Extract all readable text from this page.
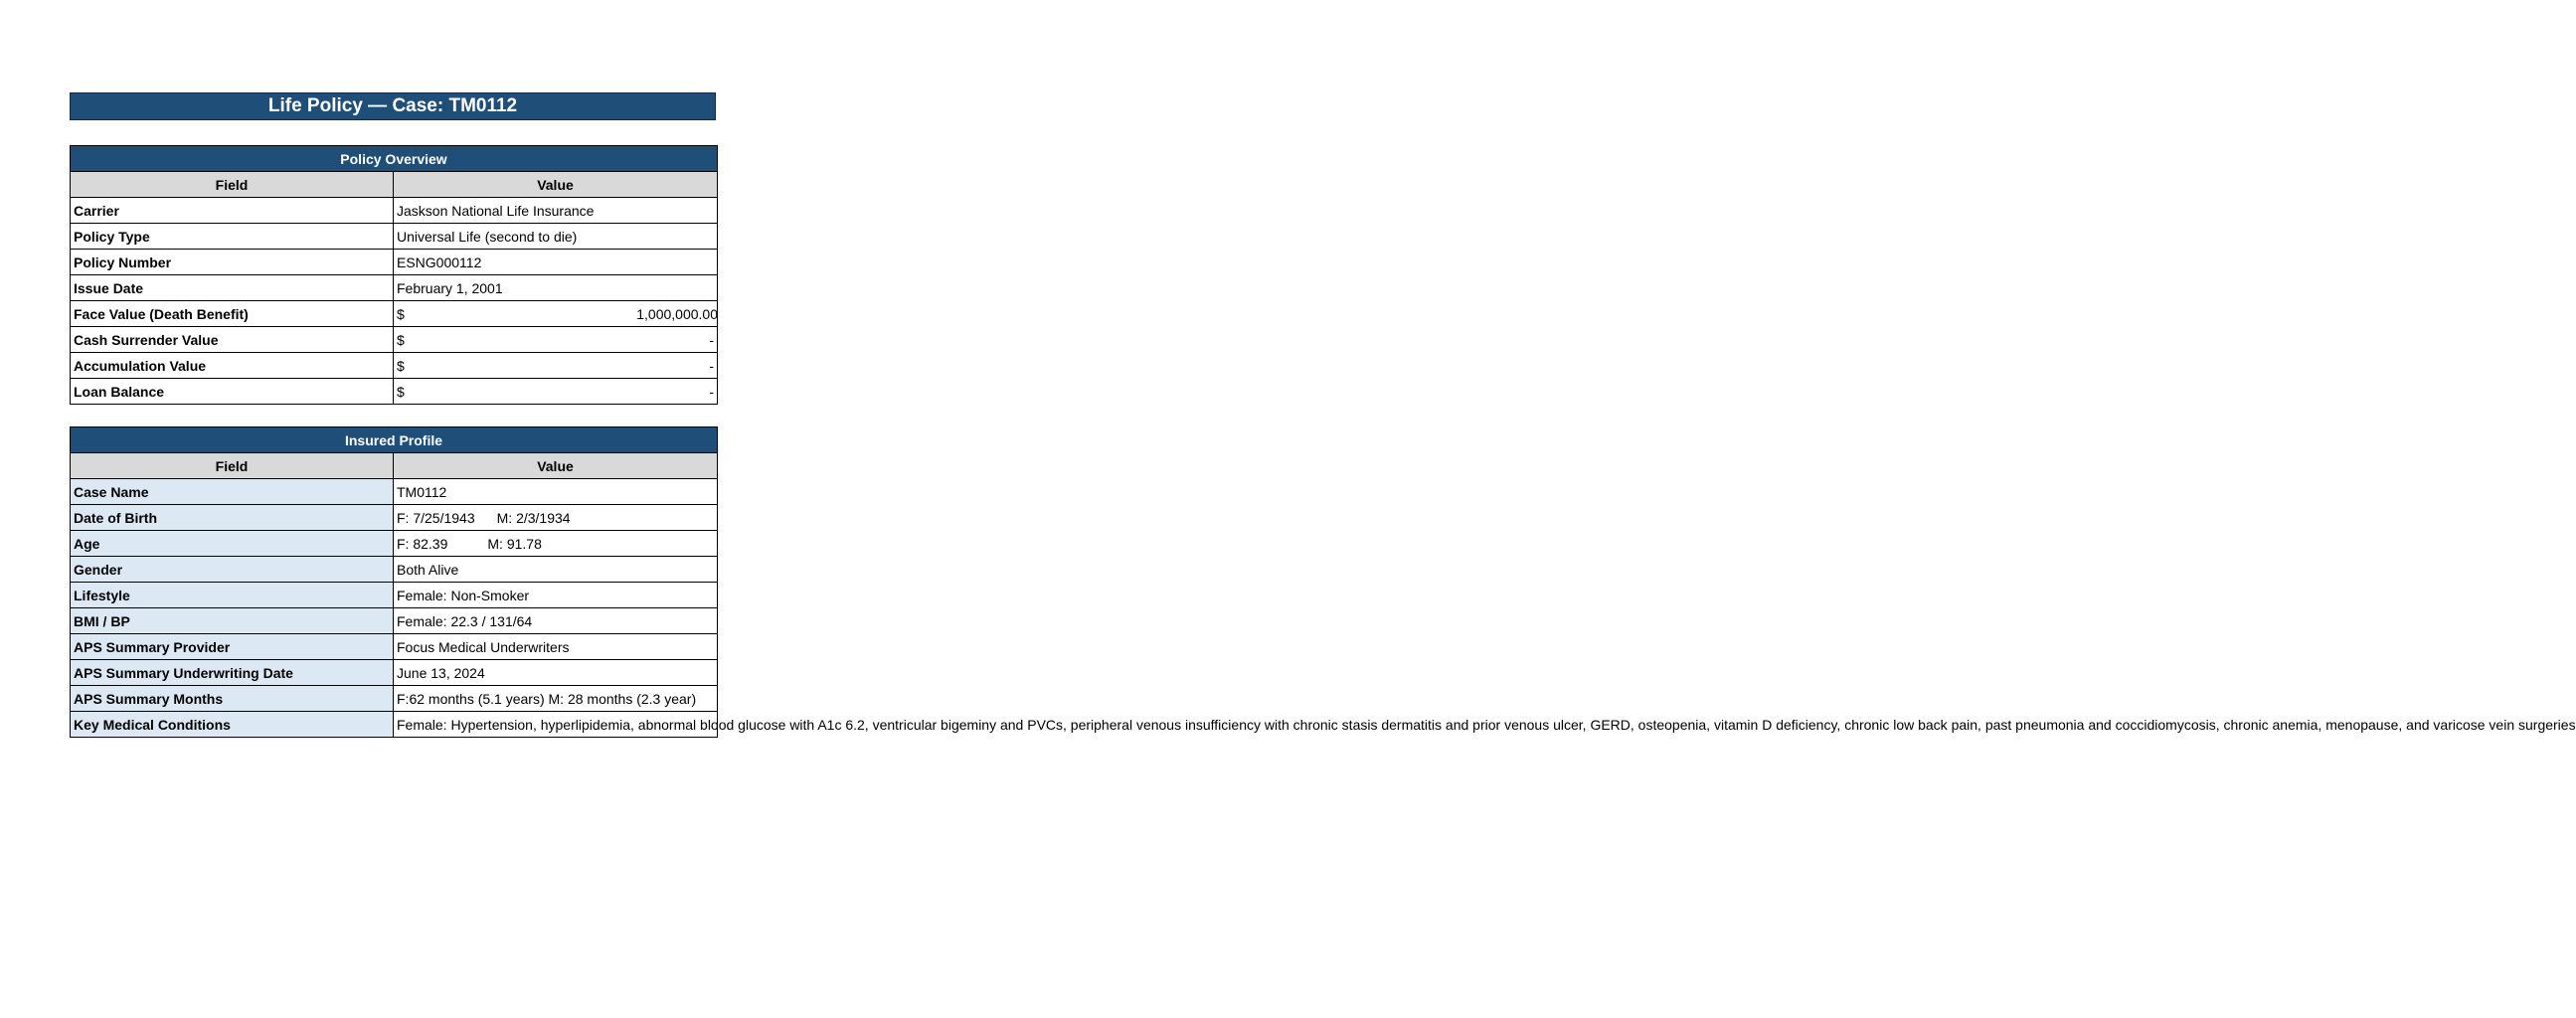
Life Policy — Case: TM0112
Policy Overview	
Field	Value
Carrier	Jaskson National Life Insurance
Policy Type	Universal Life (second to die)
Policy Number	ESNG000112
Issue Date	February 1, 2001
Face Value (Death Benefit)	$ 1,000,000.00

Cash Surrender Value	$ -

Accumulation Value	$ -

Loan Balance	$ -
Insured Profile	
Field	Value
Case Name	TM0112
Date of Birth	F: 7/25/1943 M: 2/3/1934
Age	F: 82.39 M: 91.78
Gender	Both Alive
Lifestyle	Female: Non-Smoker
BMI / BP	Female: 22.3 / 131/64
APS Summary Provider	Focus Medical Underwriters
APS Summary Underwriting Date	June 13, 2024
APS Summary Months	F:62 months (5.1 years) M: 28 months (2.3 year)
Key Medical Conditions	Female: Hypertension, hyperlipidemia, abnormal blood glucose with A1c 6.2, ventricular bigeminy and PVCs, peripheral venous insufficiency with chronic stasis dermatitis and prior venous ulcer, GERD, osteopenia, vitamin D deficiency, chronic low back pain, past pneumonia and coccidiomycosis, chronic anemia, menopause, and varicose vein surgeries
